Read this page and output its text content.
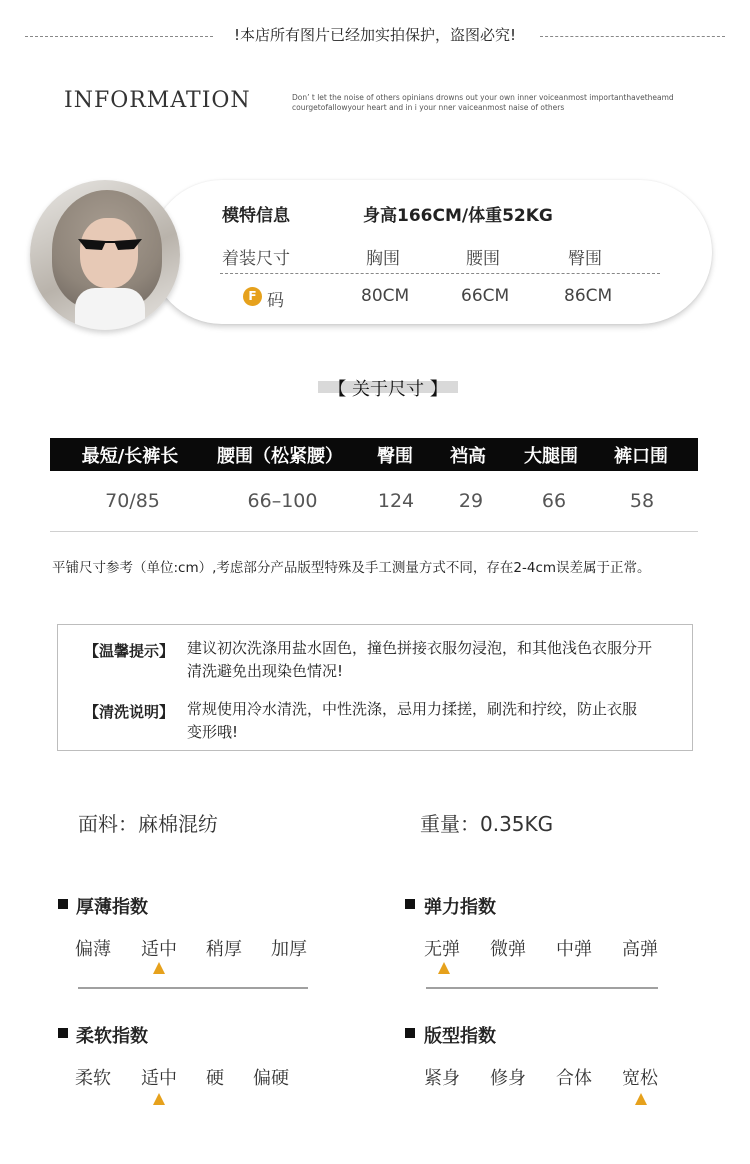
!本店所有图片已经加实拍保护，盗图必究!
INFORMATION	Don’ t let the noise of others opinians drowns out your own inner voiceanmost importanthavetheamd courgetofallowyour heart and in i your nner vaiceanmost naise of others
模特信息	身高166CM/体重52KG
着装尺寸	胸围	腰围	臀围
F 码	80CM	66CM	86CM
【 关于尺寸 】
最短/长裤长	腰围（松紧腰）	臀围	裆高	大腿围	裤口围
70/85	66–100	124	29	66	58
平铺尺寸参考（单位:cm）,考虑部分产品版型特殊及手工测量方式不同，存在2-4cm误差属于正常。
【温馨提示】 建议初次洗涤用盐水固色，撞色拼接衣服勿浸泡，和其他浅色衣服分开
清洗避免出现染色情况!
【清洗说明】 常规使用冷水清洗，中性洗涤，忌用力揉搓，刷洗和拧绞，防止衣服
变形哦!
面料：麻棉混纺	重量：0.35KG
厚薄指数
偏薄 适中 稍厚 加厚
弹力指数
无弹 微弹 中弹 高弹
柔软指数
柔软 适中 硬 偏硬
版型指数
紧身 修身 合体 宽松
